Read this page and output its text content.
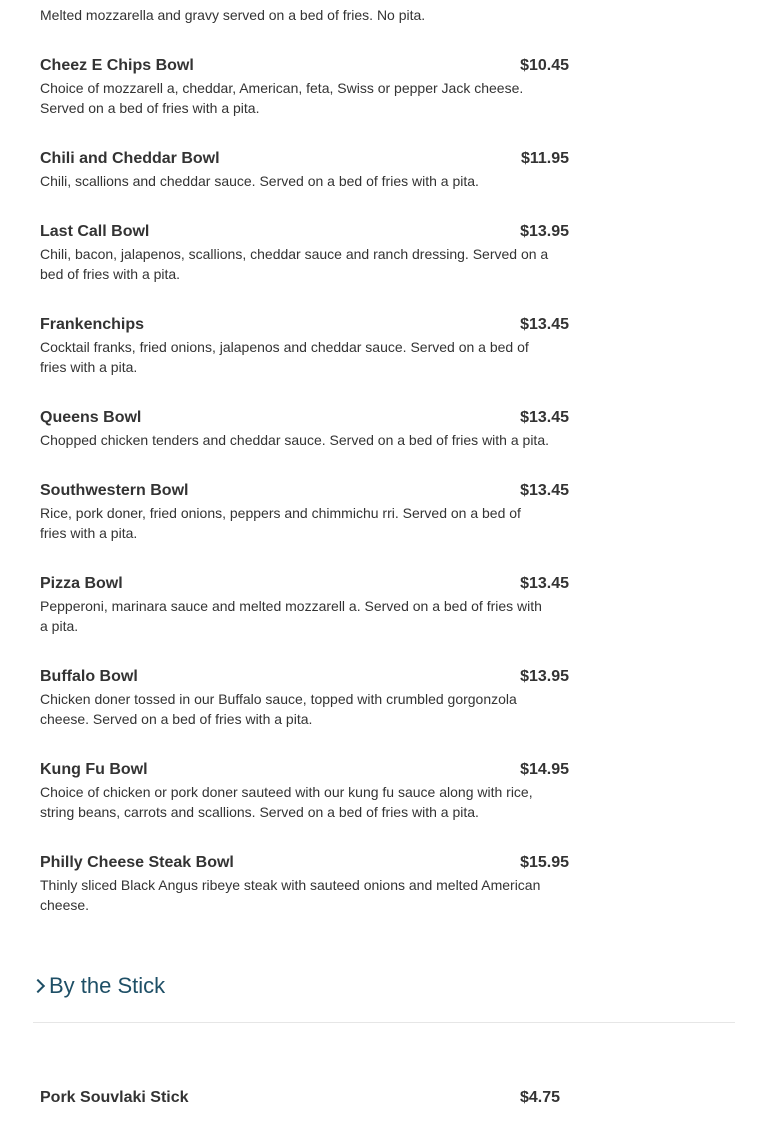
Melted mozzarella and gravy served on a bed of fries. No pita.
Cheez E Chips Bowl	$10.45
Choice of mozzarell a, cheddar, American, feta, Swiss or pepper Jack cheese. Served on a bed of fries with a pita.
Chili and Cheddar Bowl	$11.95
Chili, scallions and cheddar sauce. Served on a bed of fries with a pita.
Last Call Bowl	$13.95
Chili, bacon, jalapenos, scallions, cheddar sauce and ranch dressing. Served on a bed of fries with a pita.
Frankenchips	$13.45
Cocktail franks, fried onions, jalapenos and cheddar sauce. Served on a bed of fries with a pita.
Queens Bowl	$13.45
Chopped chicken tenders and cheddar sauce. Served on a bed of fries with a pita.
Southwestern Bowl	$13.45
Rice, pork doner, fried onions, peppers and chimmichu rri. Served on a bed of fries with a pita.
Pizza Bowl	$13.45
Pepperoni, marinara sauce and melted mozzarell a. Served on a bed of fries with a pita.
Buffalo Bowl	$13.95
Chicken doner tossed in our Buffalo sauce, topped with crumbled gorgonzola cheese. Served on a bed of fries with a pita.
Kung Fu Bowl	$14.95
Choice of chicken or pork doner sauteed with our kung fu sauce along with rice, string beans, carrots and scallions. Served on a bed of fries with a pita.
Philly Cheese Steak Bowl	$15.95
Thinly sliced Black Angus ribeye steak with sauteed onions and melted American cheese.
By the Stick
Pork Souvlaki Stick	$4.75
